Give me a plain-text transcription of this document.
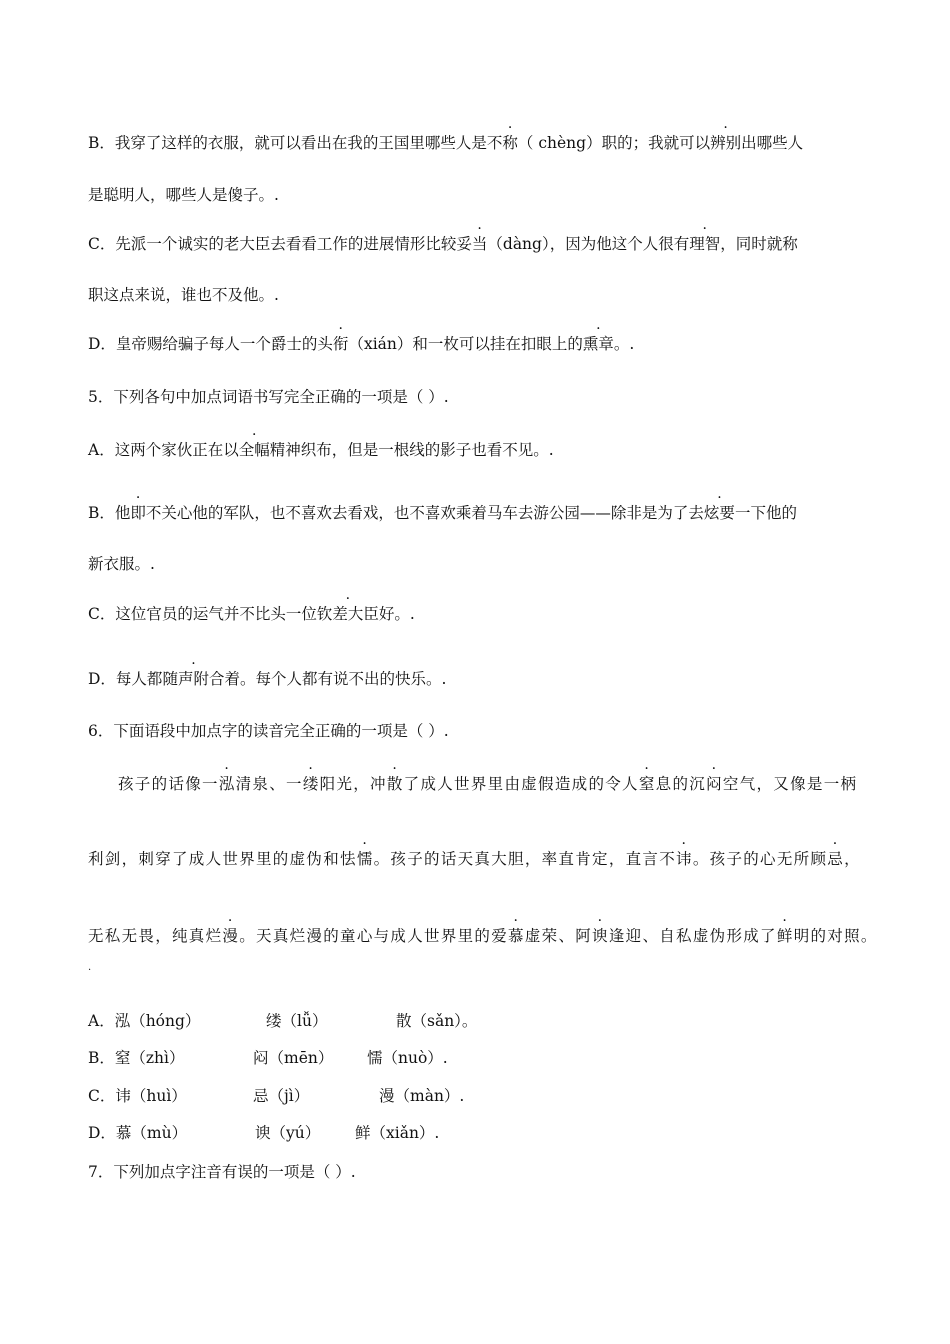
B．我穿了这样的衣服，就可以看出在我的王国里哪些人是不称（ chèng）职的；我就可以辨别出哪些人
是聪明人，哪些人是傻子。.
C．先派一个诚实的老大臣去看看工作的进展情形比较妥当（dàng），因为他这个人很有理智，同时就称
职这点来说，谁也不及他。.
D．皇帝赐给骗子每人一个爵士的头衔（xián）和一枚可以挂在扣眼上的熏章。.
5．下列各句中加点词语书写完全正确的一项是（ ）.
A．这两个家伙正在以全幅精神织布，但是一根线的影子也看不见。.
B．他即不关心他的军队，也不喜欢去看戏，也不喜欢乘着马车去游公园——除非是为了去炫要一下他的
新衣服。.
C．这位官员的运气并不比头一位钦差大臣好。.
D．每人都随声附合着。每个人都有说不出的快乐。.
6．下面语段中加点字的读音完全正确的一项是（ ）.
孩子的话像一泓清泉、一缕阳光，冲散了成人世界里由虚假造成的令人窒息的沉闷空气，又像是一柄
利剑，刺穿了成人世界里的虚伪和怯懦。孩子的话天真大胆，率直肯定，直言不讳。孩子的心无所顾忌，
无私无畏，纯真烂漫。天真烂漫的童心与成人世界里的爱慕虚荣、阿谀逢迎、自私虚伪形成了鲜明的对照。
.
A．泓（hóng）	缕（lǚ）	散（sǎn）。
B．窒（zhì）	闷（mēn） 懦（nuò）.
C．讳（huì）	忌（jì）	漫（màn）.
D．慕（mù）	谀（yú） 鲜（xiǎn）.
7．下列加点字注音有误的一项是（ ）.
